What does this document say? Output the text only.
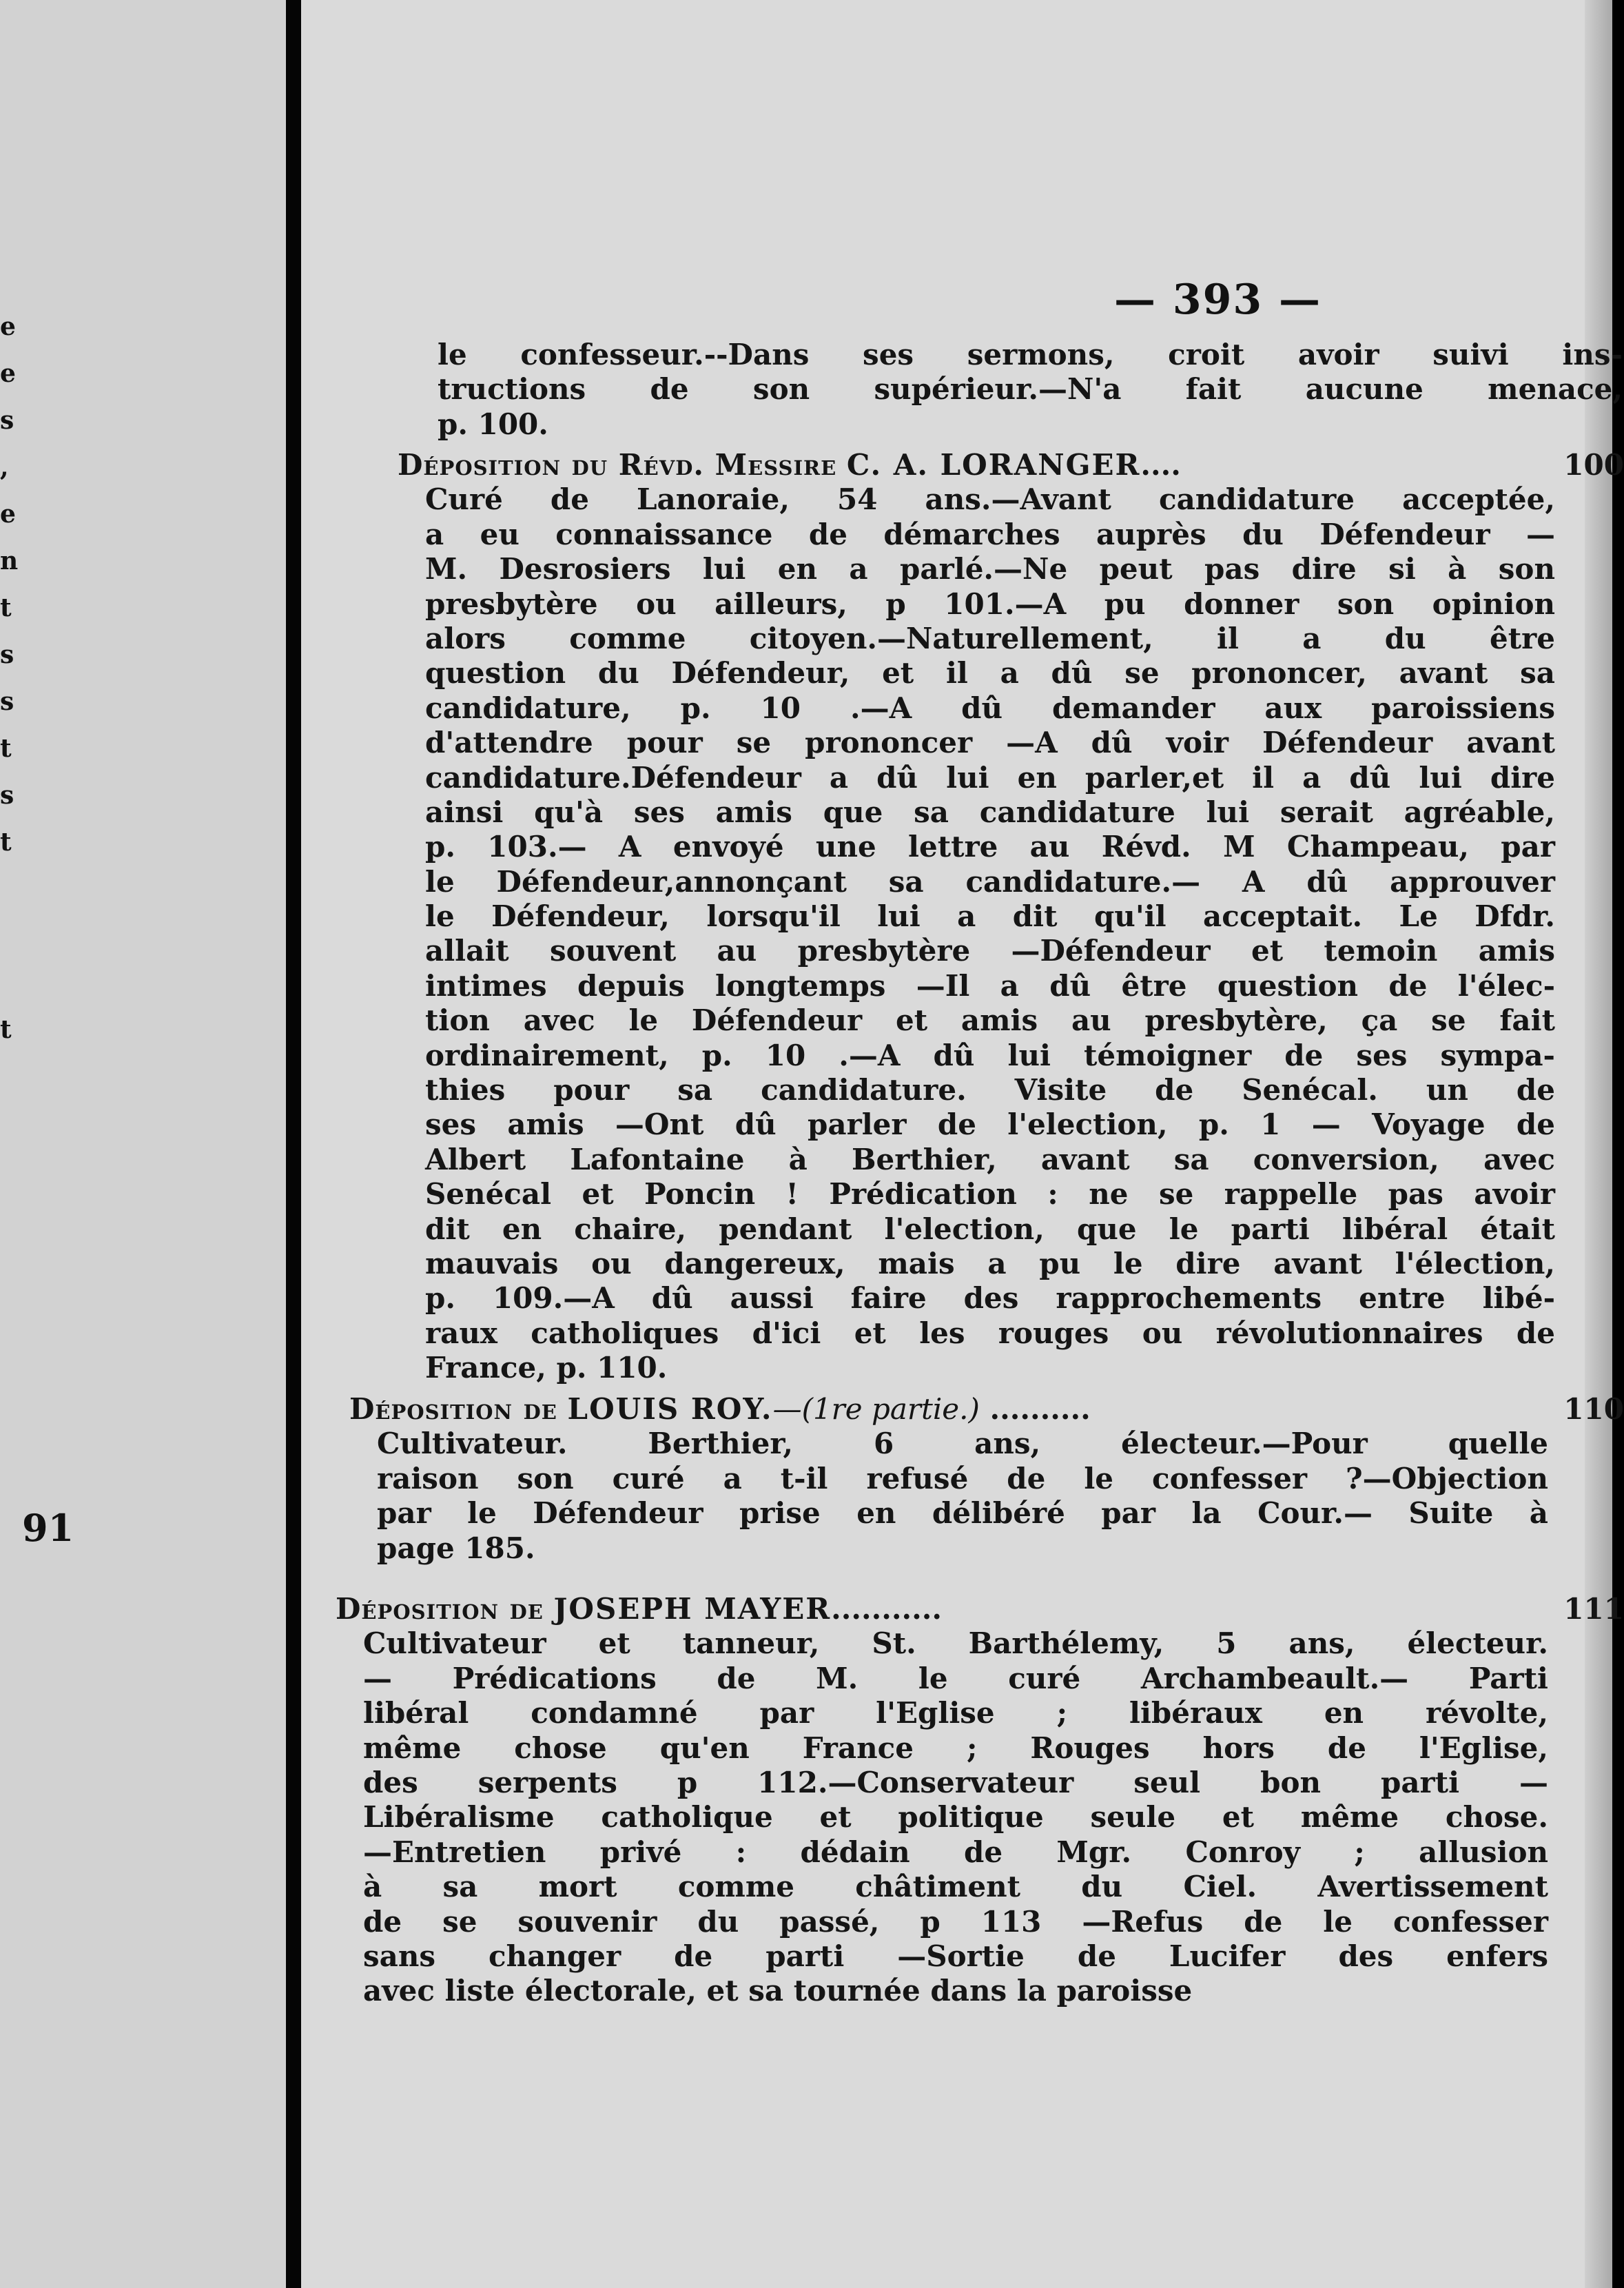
e
e
s
,
e
n
t
s
s
t
s
t
t
91
— 393 —

le confesseur.--Dans ses sermons, croit avoir suivi ins-

tructions de son supérieur.—N'a fait aucune menace,

p. 100.

Déposition du Révd. Messire C. A. LORANGER....	100

Curé de Lanoraie, 54 ans.—Avant candidature acceptée,

a eu connaissance de démarches auprès du Défendeur —

M. Desrosiers lui en a parlé.—Ne peut pas dire si à son

presbytère ou ailleurs, p 101.—A pu donner son opinion

alors comme citoyen.—Naturellement, il a du être

question du Défendeur, et il a dû se prononcer, avant sa

candidature, p. 10 .—A dû demander aux paroissiens

d'attendre pour se prononcer —A dû voir Défendeur avant

candidature.Défendeur a dû lui en parler,et il a dû lui dire

ainsi qu'à ses amis que sa candidature lui serait agréable,

p. 103.— A envoyé une lettre au Révd. M Champeau, par

le Défendeur,annonçant sa candidature.— A dû approuver

le Défendeur, lorsqu'il lui a dit qu'il acceptait. Le Dfdr.

allait souvent au presbytère —Défendeur et temoin amis

intimes depuis longtemps —Il a dû être question de l'élec-

tion avec le Défendeur et amis au presbytère, ça se fait

ordinairement, p. 10 .—A dû lui témoigner de ses sympa-

thies pour sa candidature. Visite de Senécal. un de

ses amis —Ont dû parler de l'election, p. 1 — Voyage de

Albert Lafontaine à Berthier, avant sa conversion, avec

Senécal et Poncin ! Prédication : ne se rappelle pas avoir

dit en chaire, pendant l'election, que le parti libéral était

mauvais ou dangereux, mais a pu le dire avant l'élection,

p. 109.—A dû aussi faire des rapprochements entre libé-

raux catholiques d'ici et les rouges ou révolutionnaires de

France, p. 110.

Déposition de LOUIS ROY.—(1re partie.) ..........	110

Cultivateur. Berthier, 6 ans, électeur.—Pour quelle

raison son curé a t-il refusé de le confesser ?—Objection

par le Défendeur prise en délibéré par la Cour.— Suite à

page 185.

Déposition de JOSEPH MAYER...........	111

Cultivateur et tanneur, St. Barthélemy, 5 ans, électeur.

— Prédications de M. le curé Archambeault.— Parti

libéral condamné par l'Eglise ; libéraux en révolte,

même chose qu'en France ; Rouges hors de l'Eglise,

des serpents p 112.—Conservateur seul bon parti —

Libéralisme catholique et politique seule et même chose.

—Entretien privé : dédain de Mgr. Conroy ; allusion

à sa mort comme châtiment du Ciel. Avertissement

de se souvenir du passé, p 113 —Refus de le confesser

sans changer de parti —Sortie de Lucifer des enfers

avec liste électorale, et sa tournée dans la paroisse
